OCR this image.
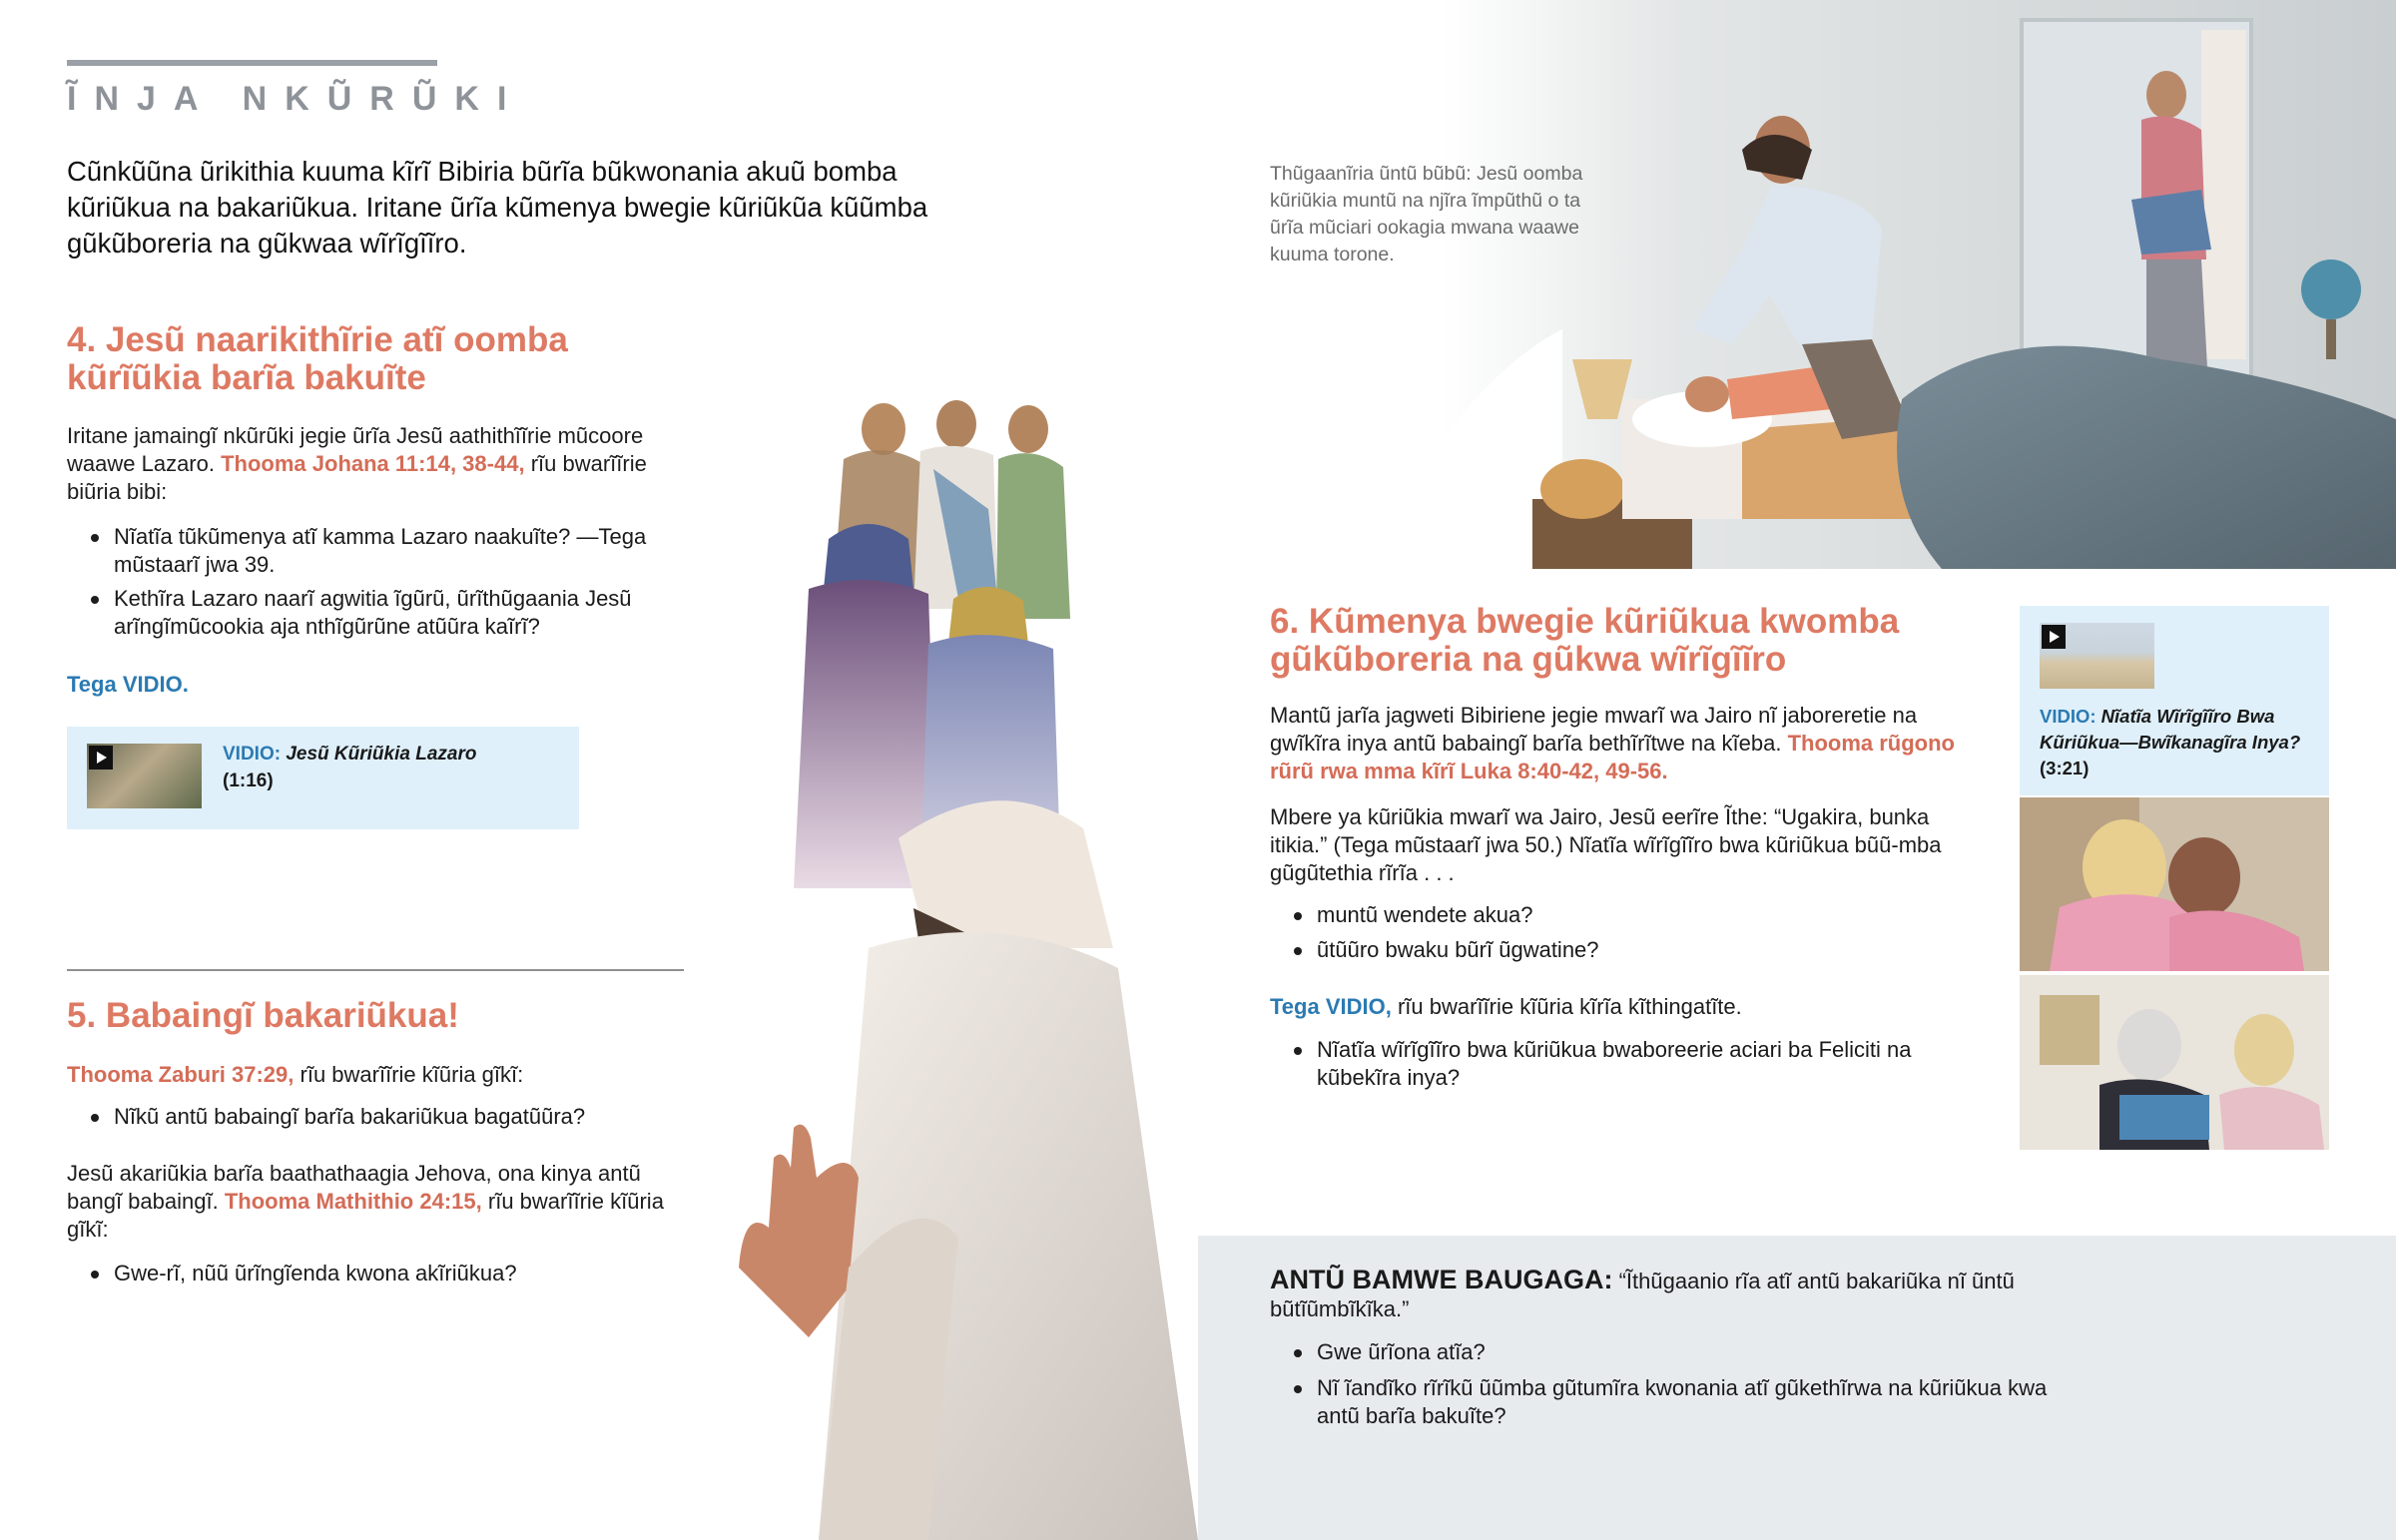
ĨNJA NKŨRŨKI
Cũnkũũna ũrikithia kuuma kĩrĩ Bibiria bũrĩa bũkwonania akuũ bomba kũriũkua na bakariũkua. Iritane ũrĩa kũmenya bwegie kũriũkũa kũũmba gũkũboreria na gũkwaa wĩrĩgĩĩro.
4. Jesũ naarikithĩrie atĩ oomba kũrĩũkia barĩa bakuĩte

Iritane jamaingĩ nkũrũki jegie ũrĩa Jesũ aathithĩĩrie mũcoore waawe Lazaro. Thooma Johana 11:14, 38-44, rĩu bwarĩĩrie biũria bibi:

Nĩatĩa tũkũmenya atĩ kamma Lazaro naakuĩte? —Tega mũstaarĩ jwa 39.
Kethĩra Lazaro naarĩ agwitia ĩgũrũ, ũrĩthũgaania Jesũ arĩngĩmũcookia aja nthĩgũrũne atũũra kaĩrĩ?
Tega VIDIO.
VIDIO: Jesũ Kũriũkia Lazaro
(1:16)
5. Babaingĩ bakariũkua!

Thooma Zaburi 37:29, rĩu bwarĩĩrie kĩũria gĩkĩ:

Nĩkũ antũ babaingĩ barĩa bakariũkua bagatũũra?

Jesũ akariũkia barĩa baathathaagia Jehova, ona kinya antũ bangĩ babaingĩ. Thooma Mathithio 24:15, rĩu bwarĩĩrie kĩũria gĩkĩ:

Gwe-rĩ, nũũ ũrĩngĩenda kwona akĩriũkua?
Thũgaanĩria ũntũ bũbũ: Jesũ oomba kũriũkia muntũ na njĩra ĩmpũthũ o ta ũrĩa mũciari ookagia mwana waawe kuuma torone.
6. Kũmenya bwegie kũriũkua kwomba gũkũboreria na gũkwa wĩrĩgĩĩro

Mantũ jarĩa jagweti Bibiriene jegie mwarĩ wa Jairo nĩ jaboreretie na gwĩkĩra inya antũ babaingĩ barĩa bethĩrĩtwe na kĩeba. Thooma rũgono rũrũ rwa mma kĩrĩ Luka 8:40-42, 49-56.

Mbere ya kũriũkia mwarĩ wa Jairo, Jesũ eerĩre Ĩthe: “Ugakira, bunka itikia.” (Tega mũstaarĩ jwa 50.) Nĩatĩa wĩrĩgĩĩro bwa kũriũkua bũũ-mba gũgũtethia rĩrĩa . . .
muntũ wendete akua?
ũtũũro bwaku bũrĩ ũgwatine?
Tega VIDIO, rĩu bwarĩĩrie kĩũria kĩrĩa kĩthingatĩte.
Nĩatĩa wĩrĩgĩĩro bwa kũriũkua bwaboreerie aciari ba Feliciti na kũbekĩra inya?
VIDIO: Nĩatĩa Wĩrĩgĩĩro Bwa Kũriũkua—Bwĩkanagĩra Inya?
(3:21)
ANTŨ BAMWE BAUGAGA: “Ĩthũgaanio rĩa atĩ antũ bakariũka nĩ ũntũ bũtĩũmbĩkĩka.”
Gwe ũrĩona atĩa?
Nĩ ĩandĩko rĩrĩkũ ũũmba gũtumĩra kwonania atĩ gũkethĩrwa na kũriũkua kwa antũ barĩa bakuĩte?
